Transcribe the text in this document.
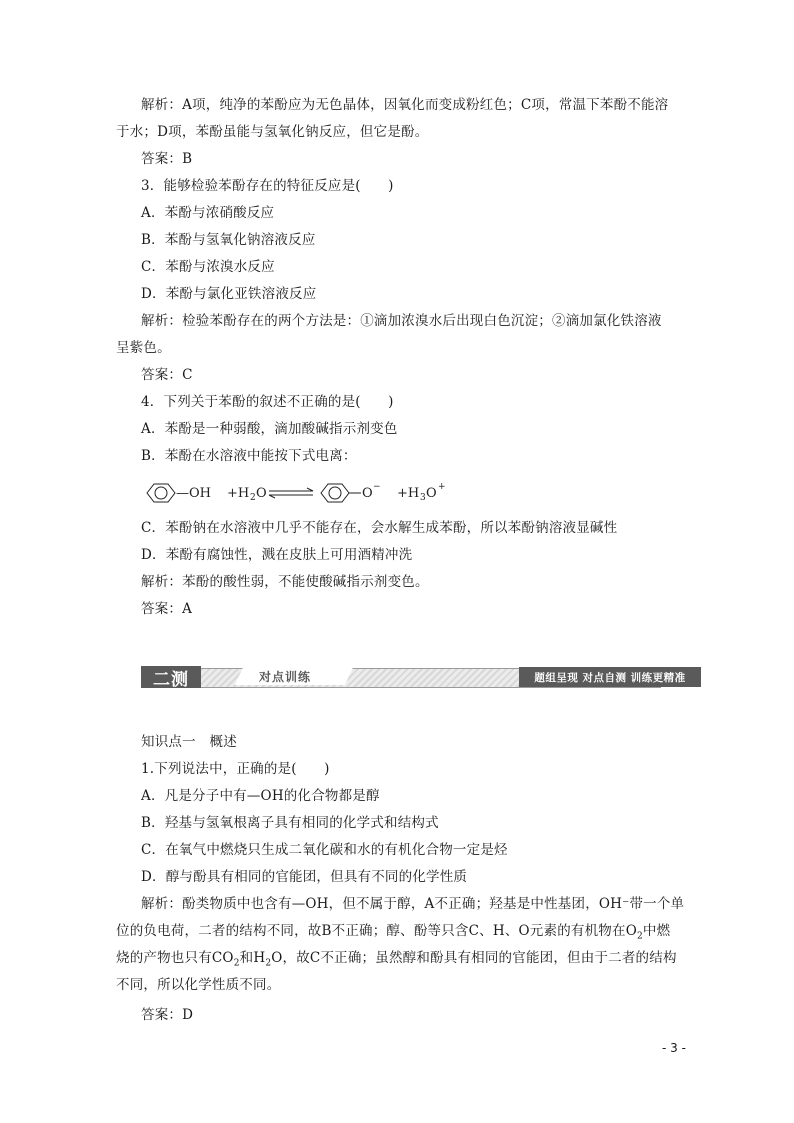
解析：A项，纯净的苯酚应为无色晶体，因氧化而变成粉红色；C项，常温下苯酚不能溶
于水；D项，苯酚虽能与氢氧化钠反应，但它是酚。
答案：B
3．能够检验苯酚存在的特征反应是(　　)
A．苯酚与浓硝酸反应
B．苯酚与氢氧化钠溶液反应
C．苯酚与浓溴水反应
D．苯酚与氯化亚铁溶液反应
解析：检验苯酚存在的两个方法是：①滴加浓溴水后出现白色沉淀；②滴加氯化铁溶液
呈紫色。
答案：C
4．下列关于苯酚的叙述不正确的是(　　)
A．苯酚是一种弱酸，滴加酸碱指示剂变色
B．苯酚在水溶液中能按下式电离：
—OH +H 2 O	O − +H 3 O +
C．苯酚钠在水溶液中几乎不能存在，会水解生成苯酚，所以苯酚钠溶液显碱性
D．苯酚有腐蚀性，溅在皮肤上可用酒精冲洗
解析：苯酚的酸性弱，不能使酸碱指示剂变色。
答案：A
二测	对点训练	题组呈现 对点自测 训练更精准
知识点一　概述
1.下列说法中，正确的是(　　)
A．凡是分子中有—OH的化合物都是醇
B．羟基与氢氧根离子具有相同的化学式和结构式
C．在氧气中燃烧只生成二氧化碳和水的有机化合物一定是烃
D．醇与酚具有相同的官能团，但具有不同的化学性质
解析：酚类物质中也含有—OH，但不属于醇，A不正确；羟基是中性基团，OH⁻带一个单
位的负电荷，二者的结构不同，故B不正确；醇、酚等只含C、H、O元素的有机物在$O_2$中燃
烧的产物也只有$CO_2$和$H_2O$，故C不正确；虽然醇和酚具有相同的官能团，但由于二者的结构
不同，所以化学性质不同。
答案：D
- 3 -
